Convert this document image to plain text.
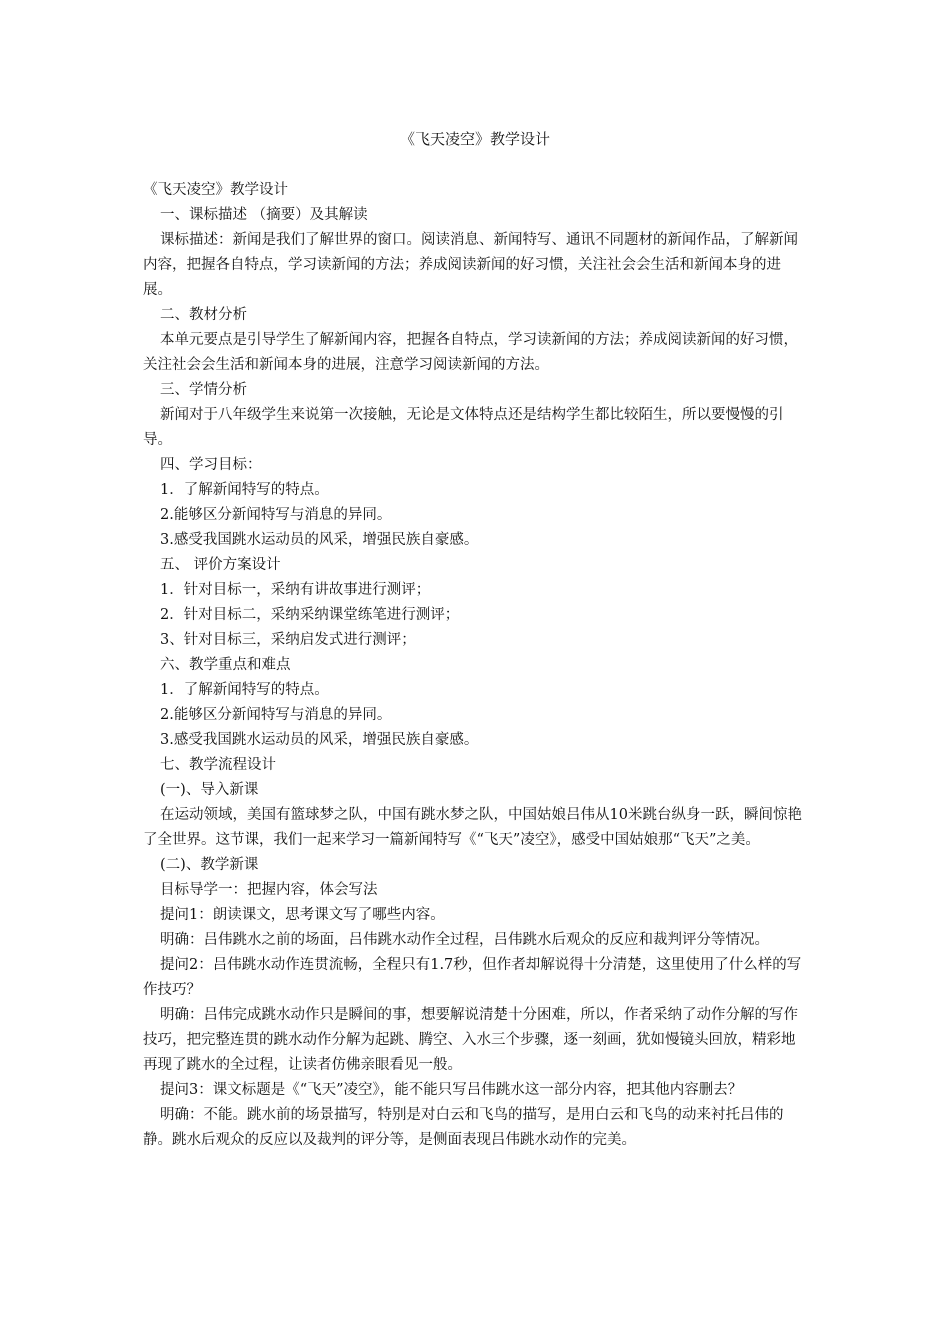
《飞天凌空》教学设计

《飞天凌空》教学设计

一、课标描述 （摘要）及其解读

课标描述：新闻是我们了解世界的窗口。阅读消息、新闻特写、通讯不同题材的新闻作品，了解新闻内容，把握各自特点，学习读新闻的方法；养成阅读新闻的好习惯，关注社会会生活和新闻本身的进展。

二、教材分析

本单元要点是引导学生了解新闻内容，把握各自特点，学习读新闻的方法；养成阅读新闻的好习惯，关注社会会生活和新闻本身的进展，注意学习阅读新闻的方法。

三、学情分析

新闻对于八年级学生来说第一次接触，无论是文体特点还是结构学生都比较陌生，所以要慢慢的引导。

四、学习目标：

1．了解新闻特写的特点。

2.能够区分新闻特写与消息的异同。

3.感受我国跳水运动员的风采，增强民族自豪感。

五、 评价方案设计

1．针对目标一，采纳有讲故事进行测评；

2．针对目标二，采纳采纳课堂练笔进行测评；

3、针对目标三，采纳启发式进行测评；

六、教学重点和难点

1．了解新闻特写的特点。

2.能够区分新闻特写与消息的异同。

3.感受我国跳水运动员的风采，增强民族自豪感。

七、教学流程设计

(一)、导入新课

在运动领域，美国有篮球梦之队，中国有跳水梦之队，中国姑娘吕伟从10米跳台纵身一跃，瞬间惊艳了全世界。这节课，我们一起来学习一篇新闻特写《“飞天”凌空》，感受中国姑娘那“飞天”之美。

(二)、教学新课

目标导学一：把握内容，体会写法

提问1：朗读课文，思考课文写了哪些内容。

明确：吕伟跳水之前的场面，吕伟跳水动作全过程，吕伟跳水后观众的反应和裁判评分等情况。

提问2：吕伟跳水动作连贯流畅，全程只有1.7秒，但作者却解说得十分清楚，这里使用了什么样的写作技巧？

明确：吕伟完成跳水动作只是瞬间的事，想要解说清楚十分困难，所以，作者采纳了动作分解的写作技巧，把完整连贯的跳水动作分解为起跳、腾空、入水三个步骤，逐一刻画，犹如慢镜头回放，精彩地再现了跳水的全过程，让读者仿佛亲眼看见一般。

提问3：课文标题是《“飞天”凌空》，能不能只写吕伟跳水这一部分内容，把其他内容删去？

明确：不能。跳水前的场景描写，特别是对白云和飞鸟的描写，是用白云和飞鸟的动来衬托吕伟的静。跳水后观众的反应以及裁判的评分等，是侧面表现吕伟跳水动作的完美。
